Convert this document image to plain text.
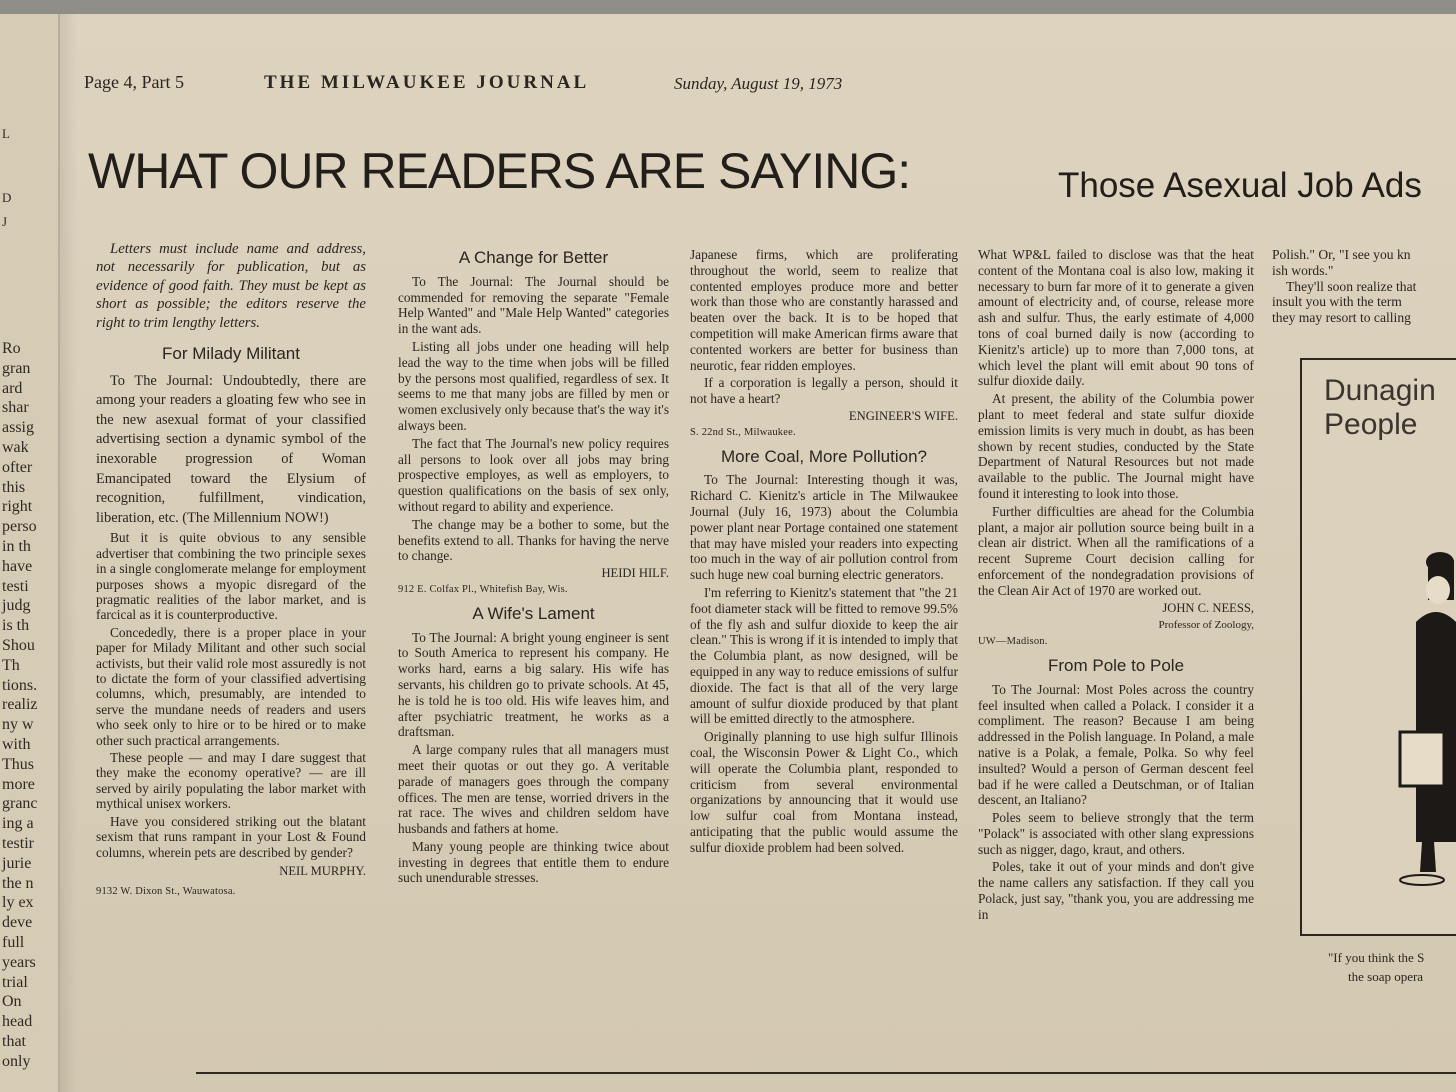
L
D
J
Ro
gran
ard
shar
assig
wak
ofter
this
right
perso
in th
have
testi
judg
is th
Shou
Th
tions.
realiz
ny w
with
Thus
more
granc
ing a
testir
jurie
the n
ly ex
deve
full
years
trial
On
head
that
only
Page 4, Part 5	THE MILWAUKEE JOURNAL	Sunday, August 19, 1973
WHAT OUR READERS ARE SAYING:	Those Asexual Job Ads

Letters must include name and address, not necessarily for publication, but as evidence of good faith. They must be kept as short as possible; the editors reserve the right to trim lengthy letters.

For Milady Militant

To The Journal: Undoubtedly, there are among your readers a gloating few who see in the new asexual format of your classified advertising section a dynamic symbol of the inexorable progression of Woman Emancipated toward the Elysium of recognition, fulfillment, vindication, liberation, etc. (The Millennium NOW!)

But it is quite obvious to any sensible advertiser that combining the two principle sexes in a single conglomerate melange for employment purposes shows a myopic disregard of the pragmatic realities of the labor market, and is farcical as it is counterproductive.

Concededly, there is a proper place in your paper for Milady Militant and other such social activists, but their valid role most assuredly is not to dictate the form of your classified advertising columns, which, presumably, are intended to serve the mundane needs of readers and users who seek only to hire or to be hired or to make other such practical arrangements.

These people — and may I dare suggest that they make the economy operative? — are ill served by airily populating the labor market with mythical unisex workers.

Have you considered striking out the blatant sexism that runs rampant in your Lost & Found columns, wherein pets are described by gender?

NEIL MURPHY.

9132 W. Dixon St., Wauwatosa.

A Change for Better

To The Journal: The Journal should be commended for removing the separate "Female Help Wanted" and "Male Help Wanted" categories in the want ads.

Listing all jobs under one heading will help lead the way to the time when jobs will be filled by the persons most qualified, regardless of sex. It seems to me that many jobs are filled by men or women exclusively only because that's the way it's always been.

The fact that The Journal's new policy requires all persons to look over all jobs may bring prospective employes, as well as employers, to question qualifications on the basis of sex only, without regard to ability and experience.

The change may be a bother to some, but the benefits extend to all. Thanks for having the nerve to change.

HEIDI HILF.

912 E. Colfax Pl., Whitefish Bay, Wis.

A Wife's Lament

To The Journal: A bright young engineer is sent to South America to represent his company. He works hard, earns a big salary. His wife has servants, his children go to private schools. At 45, he is told he is too old. His wife leaves him, and after psychiatric treatment, he works as a draftsman.

A large company rules that all managers must meet their quotas or out they go. A veritable parade of managers goes through the company offices. The men are tense, worried drivers in the rat race. The wives and children seldom have husbands and fathers at home.

Many young people are thinking twice about investing in degrees that entitle them to endure such unendurable stresses.

Japanese firms, which are proliferating throughout the world, seem to realize that contented employes produce more and better work than those who are constantly harassed and beaten over the back. It is to be hoped that competition will make American firms aware that contented workers are better for business than neurotic, fear ridden employes.

If a corporation is legally a person, should it not have a heart?

ENGINEER'S WIFE.

S. 22nd St., Milwaukee.

More Coal, More Pollution?

To The Journal: Interesting though it was, Richard C. Kienitz's article in The Milwaukee Journal (July 16, 1973) about the Columbia power plant near Portage contained one statement that may have misled your readers into expecting too much in the way of air pollution control from such huge new coal burning electric generators.

I'm referring to Kienitz's statement that "the 21 foot diameter stack will be fitted to remove 99.5% of the fly ash and sulfur dioxide to keep the air clean." This is wrong if it is intended to imply that the Columbia plant, as now designed, will be equipped in any way to reduce emissions of sulfur dioxide. The fact is that all of the very large amount of sulfur dioxide produced by that plant will be emitted directly to the atmosphere.

Originally planning to use high sulfur Illinois coal, the Wisconsin Power & Light Co., which will operate the Columbia plant, responded to criticism from several environmental organizations by announcing that it would use low sulfur coal from Montana instead, anticipating that the public would assume the sulfur dioxide problem had been solved.

What WP&L failed to disclose was that the heat content of the Montana coal is also low, making it necessary to burn far more of it to generate a given amount of electricity and, of course, release more ash and sulfur. Thus, the early estimate of 4,000 tons of coal burned daily is now (according to Kienitz's article) up to more than 7,000 tons, at which level the plant will emit about 90 tons of sulfur dioxide daily.

At present, the ability of the Columbia power plant to meet federal and state sulfur dioxide emission limits is very much in doubt, as has been shown by recent studies, conducted by the State Department of Natural Resources but not made available to the public. The Journal might have found it interesting to look into those.

Further difficulties are ahead for the Columbia plant, a major air pollution source being built in a clean air district. When all the ramifications of a recent Supreme Court decision calling for enforcement of the nondegradation provisions of the Clean Air Act of 1970 are worked out.

JOHN C. NEESS,

Professor of Zoology,

UW—Madison.

From Pole to Pole

To The Journal: Most Poles across the country feel insulted when called a Polack. I consider it a compliment. The reason? Because I am being addressed in the Polish language. In Poland, a male native is a Polak, a female, Polka. So why feel insulted? Would a person of German descent feel bad if he were called a Deutschman, or of Italian descent, an Italiano?

Poles seem to believe strongly that the term "Polack" is associated with other slang expressions such as nigger, dago, kraut, and others.

Poles, take it out of your minds and don't give the name callers any satisfaction. If they call you Polack, just say, "thank you, you are addressing me in

Polish." Or, "I see you kn
ish words."
They'll soon realize that
insult you with the term
they may resort to calling
Dunagin
People
"If you think the S
the soap opera
